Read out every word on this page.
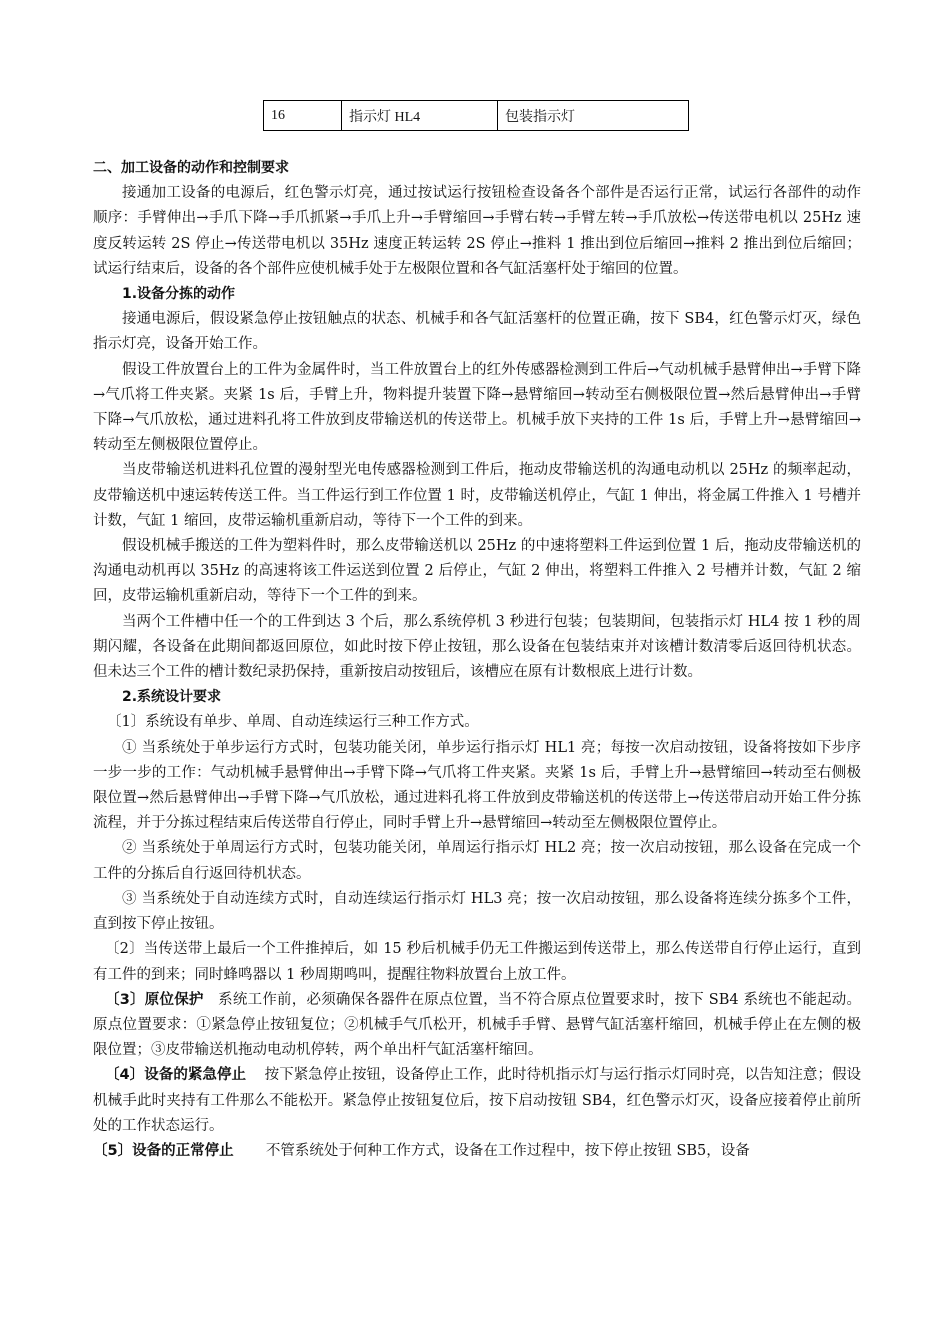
16	指示灯 HL4	包装指示灯

二、加工设备的动作和控制要求

接通加工设备的电源后，红色警示灯亮，通过按试运行按钮检查设备各个部件是否运行正常，试运行各部件的动作顺序：手臂伸出→手爪下降→手爪抓紧→手爪上升→手臂缩回→手臂右转→手臂左转→手爪放松→传送带电机以 25Hz 速度反转运转 2S 停止→传送带电机以 35Hz 速度正转运转 2S 停止→推料 1 推出到位后缩回→推料 2 推出到位后缩回；试运行结束后，设备的各个部件应使机械手处于左极限位置和各气缸活塞杆处于缩回的位置。

1.设备分拣的动作

接通电源后，假设紧急停止按钮触点的状态、机械手和各气缸活塞杆的位置正确，按下 SB4，红色警示灯灭，绿色指示灯亮，设备开始工作。

假设工件放置台上的工件为金属件时，当工件放置台上的红外传感器检测到工件后→气动机械手悬臂伸出→手臂下降→气爪将工件夹紧。夹紧 1s 后，手臂上升，物料提升装置下降→悬臂缩回→转动至右侧极限位置→然后悬臂伸出→手臂下降→气爪放松，通过进料孔将工件放到皮带输送机的传送带上。机械手放下夹持的工件 1s 后，手臂上升→悬臂缩回→转动至左侧极限位置停止。

当皮带输送机进料孔位置的漫射型光电传感器检测到工件后，拖动皮带输送机的沟通电动机以 25Hz 的频率起动，皮带输送机中速运转传送工件。当工件运行到工作位置 1 时，皮带输送机停止，气缸 1 伸出，将金属工件推入 1 号槽并计数，气缸 1 缩回，皮带运输机重新启动，等待下一个工件的到来。

假设机械手搬送的工件为塑料件时，那么皮带输送机以 25Hz 的中速将塑料工件运到位置 1 后，拖动皮带输送机的沟通电动机再以 35Hz 的高速将该工件运送到位置 2 后停止，气缸 2 伸出，将塑料工件推入 2 号槽并计数，气缸 2 缩回，皮带运输机重新启动，等待下一个工件的到来。

当两个工件槽中任一个的工件到达 3 个后，那么系统停机 3 秒进行包装；包装期间，包装指示灯 HL4 按 1 秒的周期闪耀，各设备在此期间都返回原位，如此时按下停止按钮，那么设备在包装结束并对该槽计数清零后返回待机状态。但未达三个工件的槽计数纪录扔保持，重新按启动按钮后，该槽应在原有计数根底上进行计数。

2.系统设计要求

〔1〕系统设有单步、单周、自动连续运行三种工作方式。

① 当系统处于单步运行方式时，包装功能关闭，单步运行指示灯 HL1 亮；每按一次启动按钮，设备将按如下步序一步一步的工作：气动机械手悬臂伸出→手臂下降→气爪将工件夹紧。夹紧 1s 后，手臂上升→悬臂缩回→转动至右侧极限位置→然后悬臂伸出→手臂下降→气爪放松，通过进料孔将工件放到皮带输送机的传送带上→传送带启动开始工件分拣流程，并于分拣过程结束后传送带自行停止，同时手臂上升→悬臂缩回→转动至左侧极限位置停止。

② 当系统处于单周运行方式时，包装功能关闭，单周运行指示灯 HL2 亮；按一次启动按钮，那么设备在完成一个工件的分拣后自行返回待机状态。

③ 当系统处于自动连续方式时，自动连续运行指示灯 HL3 亮；按一次启动按钮，那么设备将连续分拣多个工件，直到按下停止按钮。

〔2〕当传送带上最后一个工件推掉后，如 15 秒后机械手仍无工件搬运到传送带上，那么传送带自行停止运行，直到有工件的到来；同时蜂鸣器以 1 秒周期鸣叫，提醒往物料放置台上放工件。

〔3〕原位保护 系统工作前，必须确保各器件在原点位置，当不符合原点位置要求时，按下 SB4 系统也不能起动。原点位置要求：①紧急停止按钮复位；②机械手气爪松开，机械手手臂、悬臂气缸活塞杆缩回，机械手停止在左侧的极限位置；③皮带输送机拖动电动机停转，两个单出杆气缸活塞杆缩回。

〔4〕设备的紧急停止 按下紧急停止按钮，设备停止工作，此时待机指示灯与运行指示灯同时亮，以告知注意；假设机械手此时夹持有工件那么不能松开。紧急停止按钮复位后，按下启动按钮 SB4，红色警示灯灭，设备应接着停止前所处的工作状态运行。

〔5〕设备的正常停止 不管系统处于何种工作方式，设备在工作过程中，按下停止按钮 SB5，设备
